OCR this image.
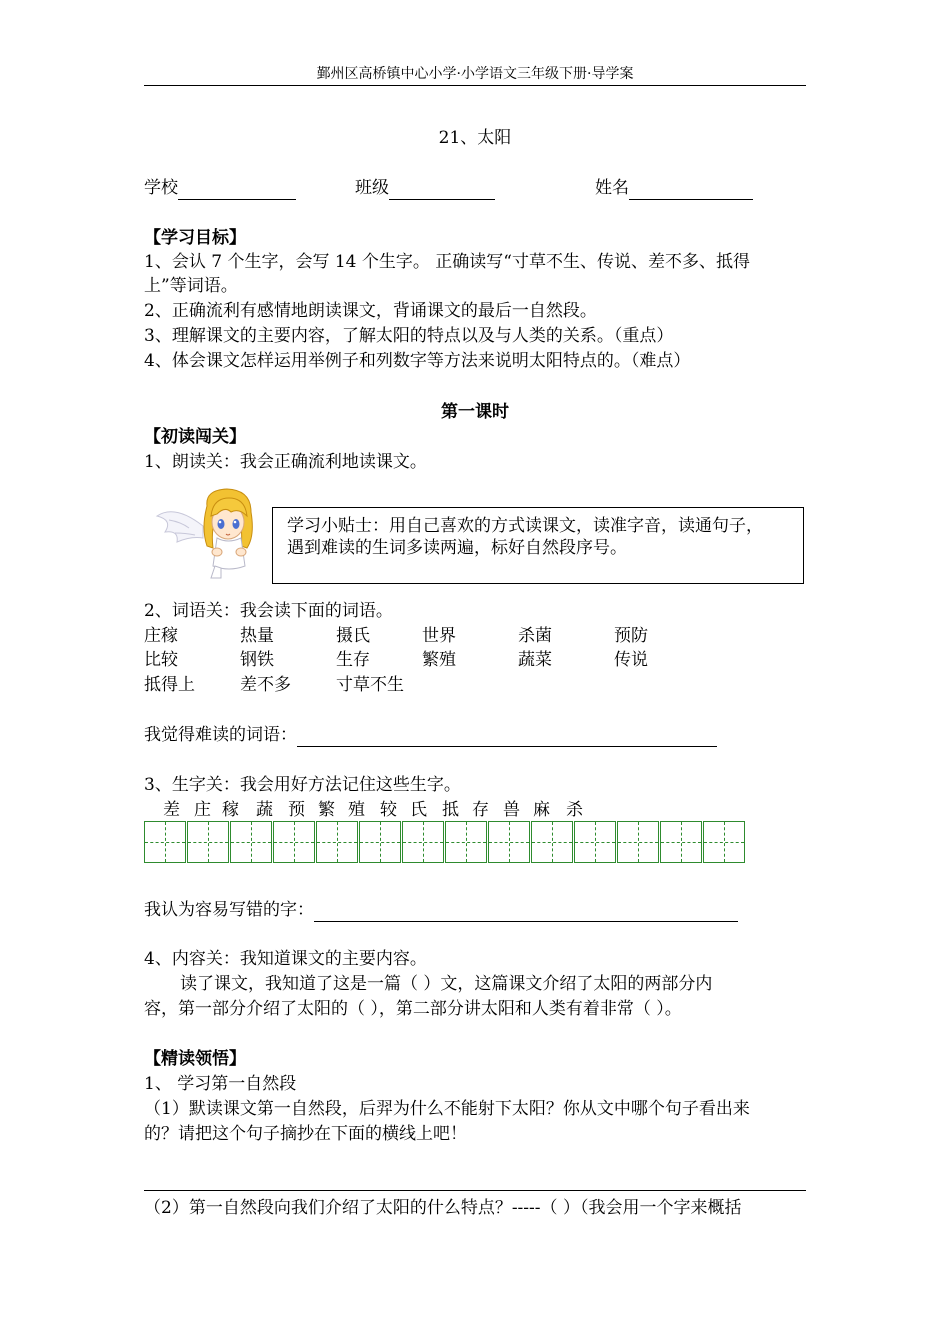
鄞州区高桥镇中心小学·小学语文三年级下册·导学案
21、太阳
学校	班级	姓名
【学习目标】
1、会认 7 个生字，会写 14 个生字。 正确读写“寸草不生、传说、差不多、抵得
上”等词语。
2、正确流利有感情地朗读课文，背诵课文的最后一自然段。
3、理解课文的主要内容，了解太阳的特点以及与人类的关系。（重点）
4、体会课文怎样运用举例子和列数字等方法来说明太阳特点的。（难点）
第一课时
【初读闯关】
1、朗读关：我会正确流利地读课文。
学习小贴士：用自己喜欢的方式读课文，读准字音，读通句子，
遇到难读的生词多读两遍，标好自然段序号。
2、词语关：我会读下面的词语。
庄稼	热量	摄氏	世界	杀菌	预防
比较	钢铁	生存	繁殖	蔬菜	传说
抵得上	差不多	寸草不生
我觉得难读的词语：
3、生字关：我会用好方法记住这些生字。
差 庄 稼 蔬 预 繁 殖 较 氏 抵 存 兽 麻 杀
我认为容易写错的字：
4、内容关：我知道课文的主要内容。
读了课文，我知道了这是一篇（ ）文，这篇课文介绍了太阳的两部分内
容，第一部分介绍了太阳的（ ），第二部分讲太阳和人类有着非常（ ）。
【精读领悟】
1、 学习第一自然段
（1）默读课文第一自然段，后羿为什么不能射下太阳？你从文中哪个句子看出来
的？请把这个句子摘抄在下面的横线上吧！
（2）第一自然段向我们介绍了太阳的什么特点？-----（ ）（我会用一个字来概括
